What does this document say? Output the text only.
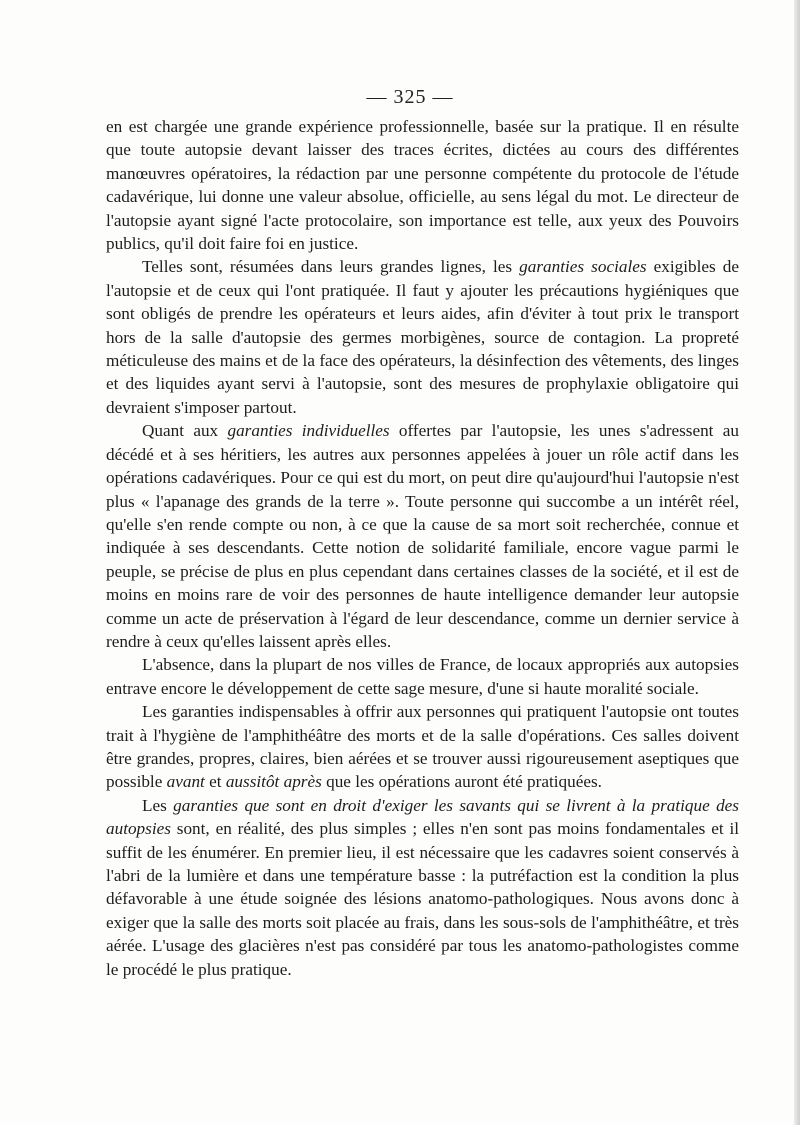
— 325 —

en est chargée une grande expérience professionnelle, basée sur la pratique. Il en résulte que toute autopsie devant laisser des traces écrites, dictées au cours des différentes manœuvres opératoires, la rédaction par une personne compétente du protocole de l'étude cadavérique, lui donne une valeur absolue, officielle, au sens légal du mot. Le directeur de l'autopsie ayant signé l'acte protocolaire, son importance est telle, aux yeux des Pouvoirs publics, qu'il doit faire foi en justice.

Telles sont, résumées dans leurs grandes lignes, les garanties sociales exigibles de l'autopsie et de ceux qui l'ont pratiquée. Il faut y ajouter les précautions hygiéniques que sont obligés de prendre les opérateurs et leurs aides, afin d'éviter à tout prix le transport hors de la salle d'autopsie des germes morbigènes, source de contagion. La propreté méticuleuse des mains et de la face des opérateurs, la désinfection des vêtements, des linges et des liquides ayant servi à l'autopsie, sont des mesures de prophylaxie obligatoire qui devraient s'imposer partout.

Quant aux garanties individuelles offertes par l'autopsie, les unes s'adressent au décédé et à ses héritiers, les autres aux personnes appelées à jouer un rôle actif dans les opérations cadavériques. Pour ce qui est du mort, on peut dire qu'aujourd'hui l'autopsie n'est plus « l'apanage des grands de la terre ». Toute personne qui succombe a un intérêt réel, qu'elle s'en rende compte ou non, à ce que la cause de sa mort soit recherchée, connue et indiquée à ses descendants. Cette notion de solidarité familiale, encore vague parmi le peuple, se précise de plus en plus cependant dans certaines classes de la société, et il est de moins en moins rare de voir des personnes de haute intelligence demander leur autopsie comme un acte de préservation à l'égard de leur descendance, comme un dernier service à rendre à ceux qu'elles laissent après elles.

L'absence, dans la plupart de nos villes de France, de locaux appropriés aux autopsies entrave encore le développement de cette sage mesure, d'une si haute moralité sociale.

Les garanties indispensables à offrir aux personnes qui pratiquent l'autopsie ont toutes trait à l'hygiène de l'amphithéâtre des morts et de la salle d'opérations. Ces salles doivent être grandes, propres, claires, bien aérées et se trouver aussi rigoureusement aseptiques que possible avant et aussitôt après que les opérations auront été pratiquées.

Les garanties que sont en droit d'exiger les savants qui se livrent à la pratique des autopsies sont, en réalité, des plus simples ; elles n'en sont pas moins fondamentales et il suffit de les énumérer. En premier lieu, il est nécessaire que les cadavres soient conservés à l'abri de la lumière et dans une température basse : la putréfaction est la condition la plus défavorable à une étude soignée des lésions anatomo-pathologiques. Nous avons donc à exiger que la salle des morts soit placée au frais, dans les sous-sols de l'amphithéâtre, et très aérée. L'usage des glacières n'est pas considéré par tous les anatomo-pathologistes comme le procédé le plus pratique.
